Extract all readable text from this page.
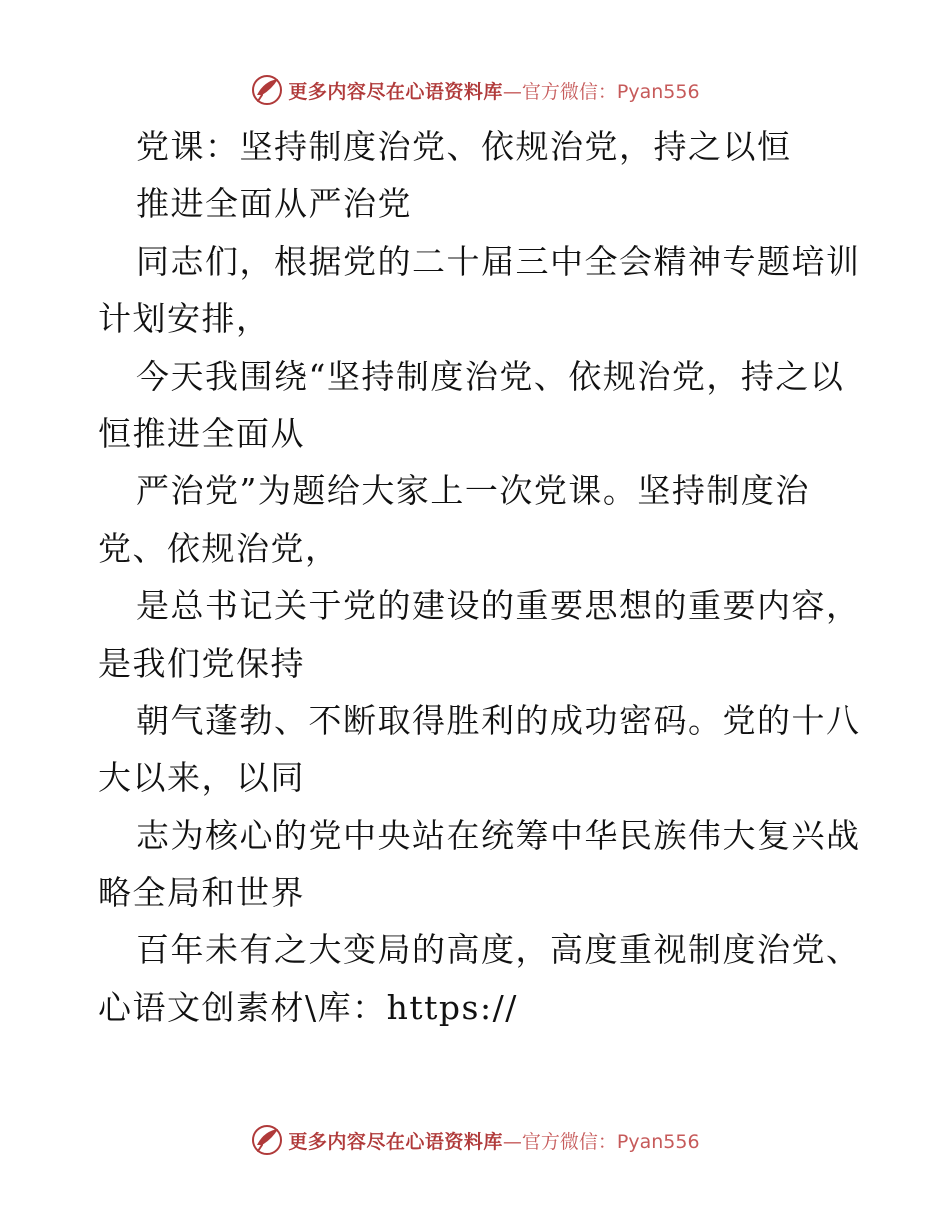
更多内容尽在心语资料库 —官方微信：Pyan556
党课：坚持制度治党、依规治党，持之以恒
推进全面从严治党
同志们，根据党的二十届三中全会精神专题培训
计划安排，
今天我围绕“坚持制度治党、依规治党，持之以
恒推进全面从
严治党”为题给大家上一次党课。坚持制度治
党、依规治党，
是总书记关于党的建设的重要思想的重要内容，
是我们党保持
朝气蓬勃、不断取得胜利的成功密码。党的十八
大以来，以同
志为核心的党中央站在统筹中华民族伟大复兴战
略全局和世界
百年未有之大变局的高度，高度重视制度治党、
心语文创素材\库：https://
更多内容尽在心语资料库 —官方微信：Pyan556
